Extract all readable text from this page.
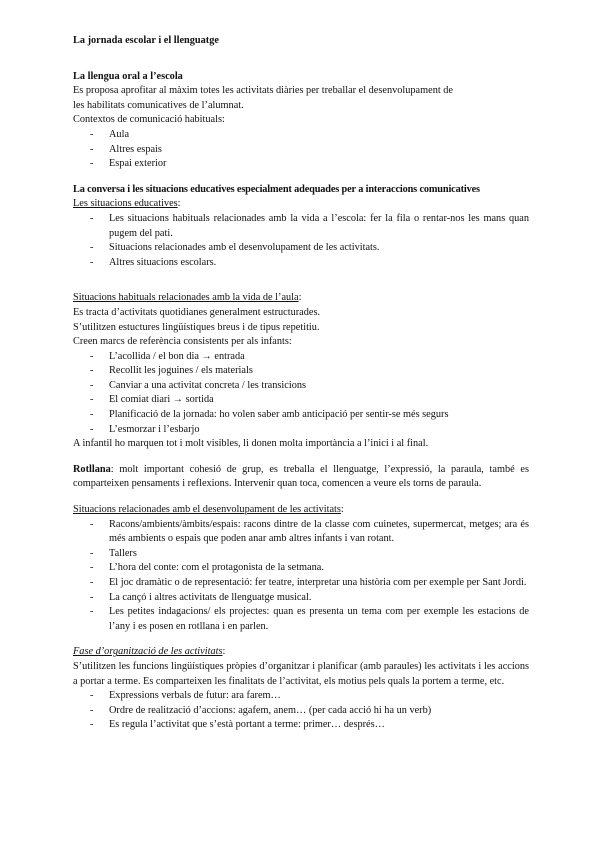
La jornada escolar i el llenguatge

La llengua oral a l’escola

Es proposa aprofitar al màxim totes les activitats diàries per treballar el desenvolupament de

les habilitats comunicatives de l’alumnat.

Contextos de comunicació habituals:

- Aula
- Altres espais
- Espai exterior

La conversa i les situacions educatives especialment adequades per a interaccions comunicatives

Les situacions educatives:

- Les situacions habituals relacionades amb la vida a l’escola: fer la fila o rentar-nos les mans quan pugem del pati.
- Situacions relacionades amb el desenvolupament de les activitats.
- Altres situacions escolars.

Situacions habituals relacionades amb la vida de l’aula:

Es tracta d’activitats quotidianes generalment estructurades.

S’utilitzen estuctures lingüístiques breus i de tipus repetitiu.

Creen marcs de referència consistents per als infants:

- L’acollida / el bon dia → entrada
- Recollit les joguines / els materials
- Canviar a una activitat concreta / les transicions
- El comiat diari → sortida
- Planificació de la jornada: ho volen saber amb anticipació per sentir-se més segurs
- L’esmorzar i l’esbarjo

A infantil ho marquen tot i molt visibles, li donen molta importància a l’inici i al final.

Rotllana: molt important cohesió de grup, es treballa el llenguatge, l’expressió, la paraula, també es comparteixen pensaments i reflexions. Intervenir quan toca, comencen a veure els torns de paraula.

Situacions relacionades amb el desenvolupament de les activitats:

- Racons/ambients/àmbits/espais: racons dintre de la classe com cuinetes, supermercat, metges; ara és més ambients o espais que poden anar amb altres infants i van rotant.
- Tallers
- L’hora del conte: com el protagonista de la setmana.
- El joc dramàtic o de representació: fer teatre, interpretar una història com per exemple per Sant Jordi.
- La cançó i altres activitats de llenguatge musical.
- Les petites indagacions/ els projectes: quan es presenta un tema com per exemple les estacions de l’any i es posen en rotllana i en parlen.

Fase d’organització de les activitats:

S’utilitzen les funcions lingüístiques pròpies d’organitzar i planificar (amb paraules) les activitats i les accions a portar a terme. Es comparteixen les finalitats de l’activitat, els motius pels quals la portem a terme, etc.

- Expressions verbals de futur: ara farem…
- Ordre de realització d’accions: agafem, anem… (per cada acció hi ha un verb)
- Es regula l’activitat que s’està portant a terme: primer… després…
